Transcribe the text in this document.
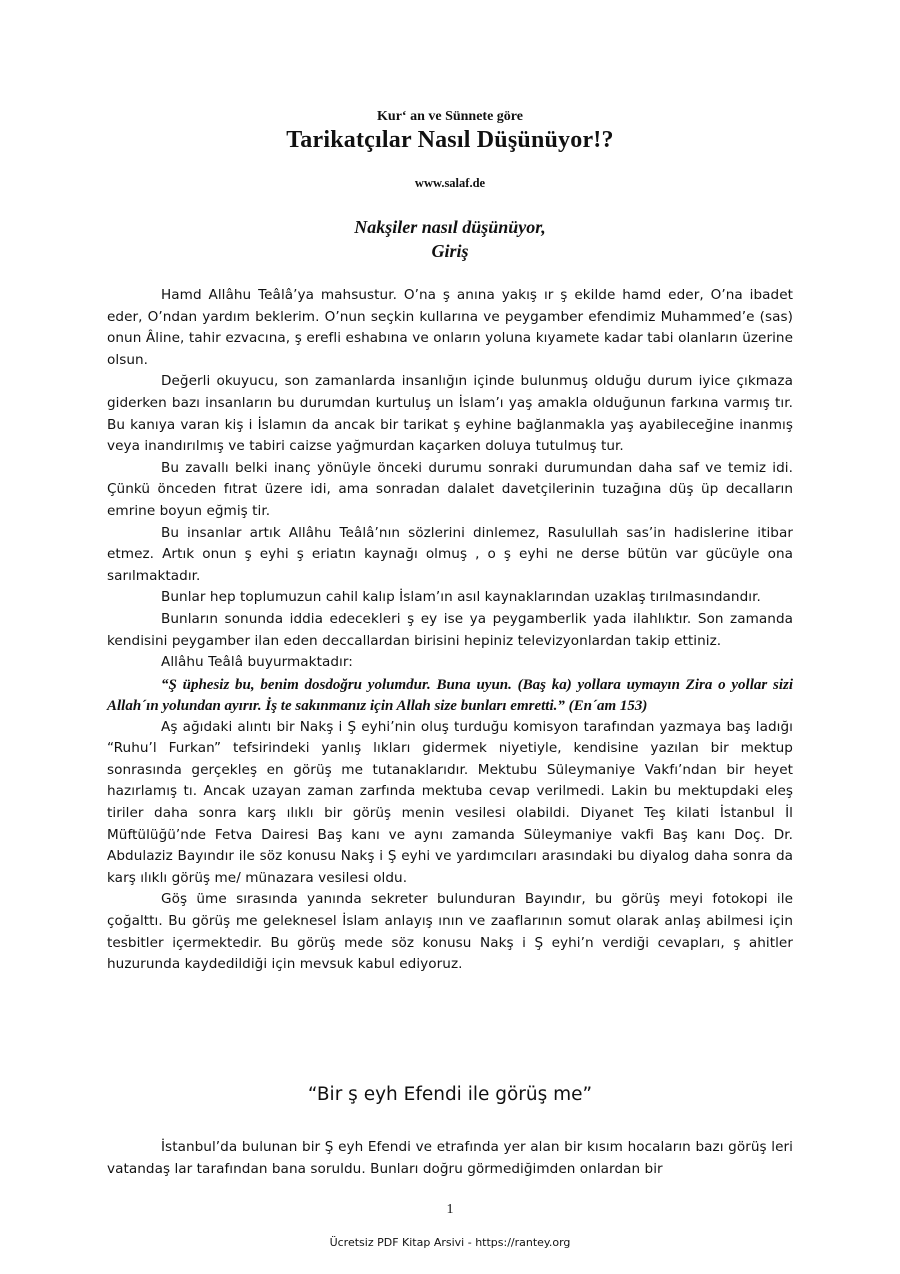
Kur‘ an ve Sünnete göre
Tarikatçılar Nasıl Düşünüyor!?
www.salaf.de
Nakşiler nasıl düşünüyor,
Giriş

Hamd Allâhu Teâlâ’ya mahsustur. O’na ş anına yakış ır ş ekilde hamd eder, O’na ibadet eder, O’ndan yardım beklerim. O’nun seçkin kullarına ve peygamber efendimiz Muhammed’e (sas) onun Âline, tahir ezvacına, ş erefli eshabına ve onların yoluna kıyamete kadar tabi olanların üzerine olsun.

Değerli okuyucu, son zamanlarda insanlığın içinde bulunmuş olduğu durum iyice çıkmaza giderken bazı insanların bu durumdan kurtuluş un İslam’ı yaş amakla olduğunun farkına varmış tır. Bu kanıya varan kiş i İslamın da ancak bir tarikat ş eyhine bağlanmakla yaş ayabileceğine inanmış veya inandırılmış ve tabiri caizse yağmurdan kaçarken doluya tutulmuş tur.

Bu zavallı belki inanç yönüyle önceki durumu sonraki durumundan daha saf ve temiz idi. Çünkü önceden fıtrat üzere idi, ama sonradan dalalet davetçilerinin tuzağına düş üp decalların emrine boyun eğmiş tir.

Bu insanlar artık Allâhu Teâlâ’nın sözlerini dinlemez, Rasulullah sas’in hadislerine itibar etmez. Artık onun ş eyhi ş eriatın kaynağı olmuş , o ş eyhi ne derse bütün var gücüyle ona sarılmaktadır.

Bunlar hep toplumuzun cahil kalıp İslam’ın asıl kaynaklarından uzaklaş tırılmasındandır.

Bunların sonunda iddia edecekleri ş ey ise ya peygamberlik yada ilahlıktır. Son zamanda kendisini peygamber ilan eden deccallardan birisini hepiniz televizyonlardan takip ettiniz.

Allâhu Teâlâ buyurmaktadır:

“Ş üphesiz bu, benim dosdoğru yolumdur. Buna uyun. (Baş ka) yollara uymayın Zira o yollar sizi Allah´ın yolundan ayırır. İş te sakınmanız için Allah size bunları emretti.” (En´am 153)

Aş ağıdaki alıntı bir Nakş i Ş eyhi’nin oluş turduğu komisyon tarafından yazmaya baş ladığı “Ruhu’l Furkan” tefsirindeki yanlış lıkları gidermek niyetiyle, kendisine yazılan bir mektup sonrasında gerçekleş en görüş me tutanaklarıdır. Mektubu Süleymaniye Vakfı’ndan bir heyet hazırlamış tı. Ancak uzayan zaman zarfında mektuba cevap verilmedi. Lakin bu mektupdaki eleş tiriler daha sonra karş ılıklı bir görüş menin vesilesi olabildi. Diyanet Teş kilati İstanbul İl Müftülüğü’nde Fetva Dairesi Baş kanı ve aynı zamanda Süleymaniye vakfi Baş kanı Doç. Dr. Abdulaziz Bayındır ile söz konusu Nakş i Ş eyhi ve yardımcıları arasındaki bu diyalog daha sonra da karş ılıklı görüş me/ münazara vesilesi oldu.

Göş üme sırasında yanında sekreter bulunduran Bayındır, bu görüş meyi fotokopi ile çoğalttı. Bu görüş me geleknesel İslam anlayış ının ve zaaflarının somut olarak anlaş abilmesi için tesbitler içermektedir. Bu görüş mede söz konusu Nakş i Ş eyhi’n verdiği cevapları, ş ahitler huzurunda kaydedildiği için mevsuk kabul ediyoruz.

“Bir ş eyh Efendi ile görüş me”

İstanbul’da bulunan bir Ş eyh Efendi ve etrafında yer alan bir kısım hocaların bazı görüş leri vatandaş lar tarafından bana soruldu. Bunları doğru görmediğimden onlardan bir

1
Ücretsiz PDF Kitap Arsivi - https://rantey.org
